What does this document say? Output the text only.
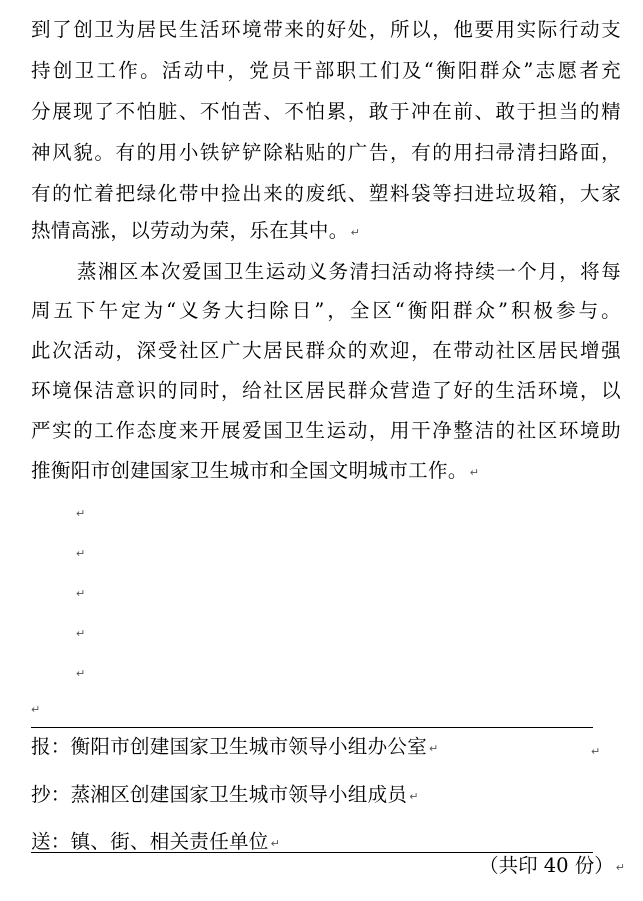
到了创卫为居民生活环境带来的好处，所以，他要用实际行动支
持创卫工作。活动中，党员干部职工们及“衡阳群众”志愿者充
分展现了不怕脏、不怕苦、不怕累，敢于冲在前、敢于担当的精
神风貌。有的用小铁铲铲除粘贴的广告，有的用扫帚清扫路面，
有的忙着把绿化带中捡出来的废纸、塑料袋等扫进垃圾箱，大家
热情高涨，以劳动为荣，乐在其中。 ↵
蒸湘区本次爱国卫生运动义务清扫活动将持续一个月，将每
周五下午定为“义务大扫除日”，全区“衡阳群众”积极参与。
此次活动，深受社区广大居民群众的欢迎，在带动社区居民增强
环境保洁意识的同时，给社区居民群众营造了好的生活环境，以
严实的工作态度来开展爱国卫生运动，用干净整洁的社区环境助
推衡阳市创建国家卫生城市和全国文明城市工作。 ↵
↵
↵
↵
↵
↵
↵
报：衡阳市创建国家卫生城市领导小组办公室 ↵	↵
抄：蒸湘区创建国家卫生城市领导小组成员 ↵
送：镇、街、相关责任单位 ↵
（共印 40 份） ↵
